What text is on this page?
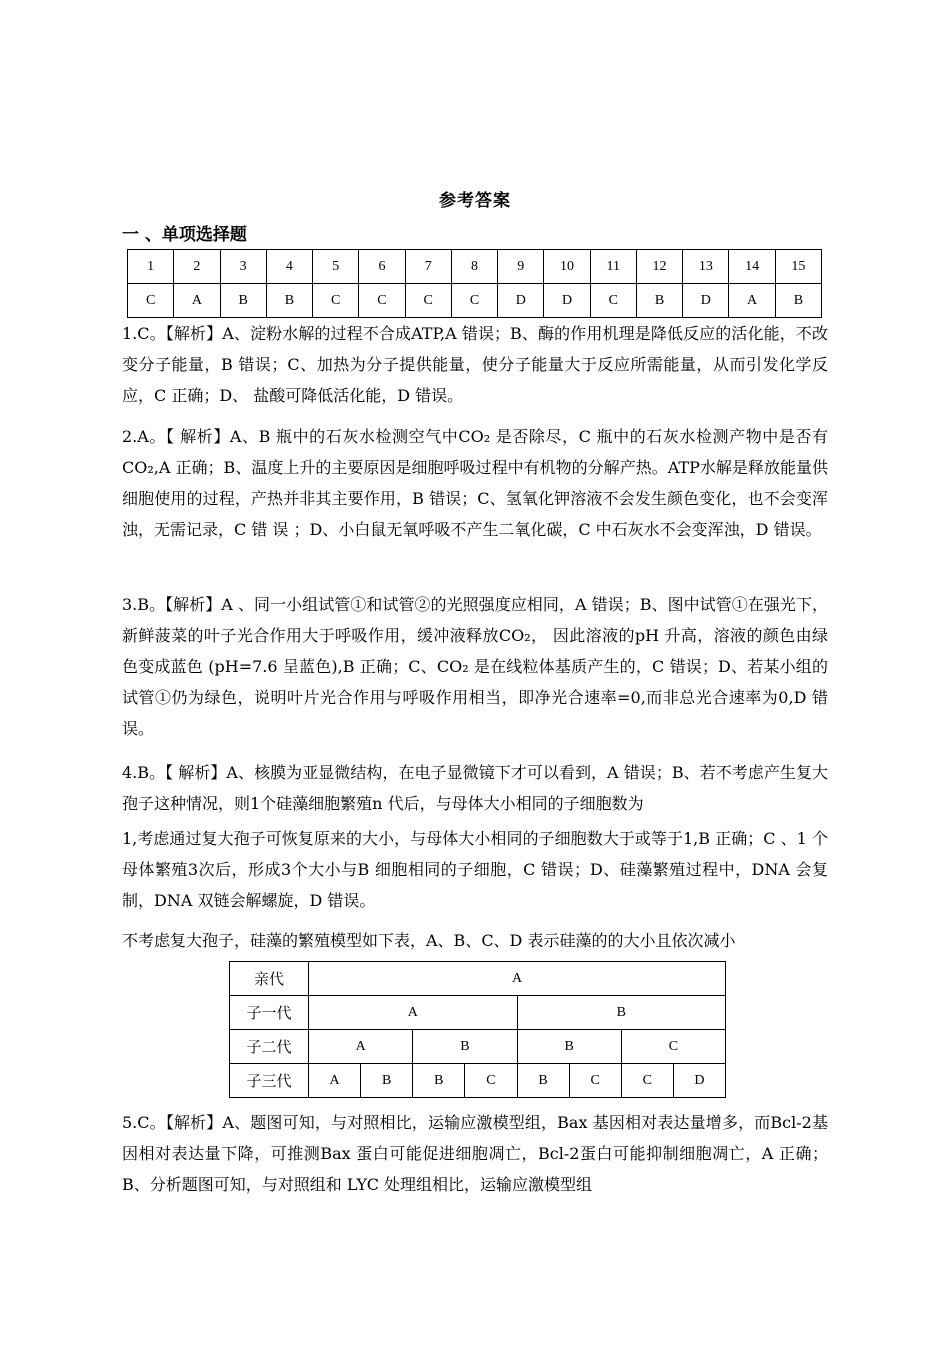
参考答案
一 、单项选择题
1	2	3	4	5	6	7	8	9	10	11	12	13	14	15
C	A	B	B	C	C	C	C	D	D	C	B	D	A	B

1.C。【解析】A、淀粉水解的过程不合成ATP,A 错误；B、酶的作用机理是降低反应的活化能，不改变分子能量，B 错误；C、加热为分子提供能量，使分子能量大于反应所需能量，从而引发化学反应，C 正确；D、 盐酸可降低活化能，D 错误。

2.A。【 解析】A、B 瓶中的石灰水检测空气中CO₂ 是否除尽，C 瓶中的石灰水检测产物中是否有 CO₂,A 正确；B、温度上升的主要原因是细胞呼吸过程中有机物的分解产热。ATP水解是释放能量供细胞使用的过程，产热并非其主要作用，B 错误；C、氢氧化钾溶液不会发生颜色变化，也不会变浑浊，无需记录，C 错 误 ；D、小白鼠无氧呼吸不产生二氧化碳，C 中石灰水不会变浑浊，D 错误。

3.B。【解析】A 、同一小组试管①和试管②的光照强度应相同，A 错误；B、图中试管①在强光下，新鲜菠菜的叶子光合作用大于呼吸作用，缓冲液释放CO₂， 因此溶液的pH 升高，溶液的颜色由绿色变成蓝色 (pH=7.6 呈蓝色),B 正确；C、CO₂ 是在线粒体基质产生的，C 错误；D、若某小组的试管①仍为绿色，说明叶片光合作用与呼吸作用相当，即净光合速率=0,而非总光合速率为0,D 错误。

4.B。【 解析】A、核膜为亚显微结构，在电子显微镜下才可以看到，A 错误；B、若不考虑产生复大孢子这种情况，则1个硅藻细胞繁殖n 代后，与母体大小相同的子细胞数为

1,考虑通过复大孢子可恢复原来的大小，与母体大小相同的子细胞数大于或等于1,B 正确；C 、1 个母体繁殖3次后，形成3个大小与B 细胞相同的子细胞，C 错误；D、硅藻繁殖过程中，DNA 会复制，DNA 双链会解螺旋，D 错误。

不考虑复大孢子，硅藻的繁殖模型如下表，A、B、C、D 表示硅藻的的大小且依次减小

亲代	A							
子一代	A				B			
子二代	A		B		B		C	
子三代	A	B	B	C	B	C	C	D

5.C。【解析】A、题图可知，与对照相比，运输应激模型组，Bax 基因相对表达量增多，而Bcl-2基因相对表达量下降，可推测Bax 蛋白可能促进细胞凋亡，Bcl-2蛋白可能抑制细胞凋亡，A 正确；B、分析题图可知，与对照组和 LYC 处理组相比，运输应激模型组
